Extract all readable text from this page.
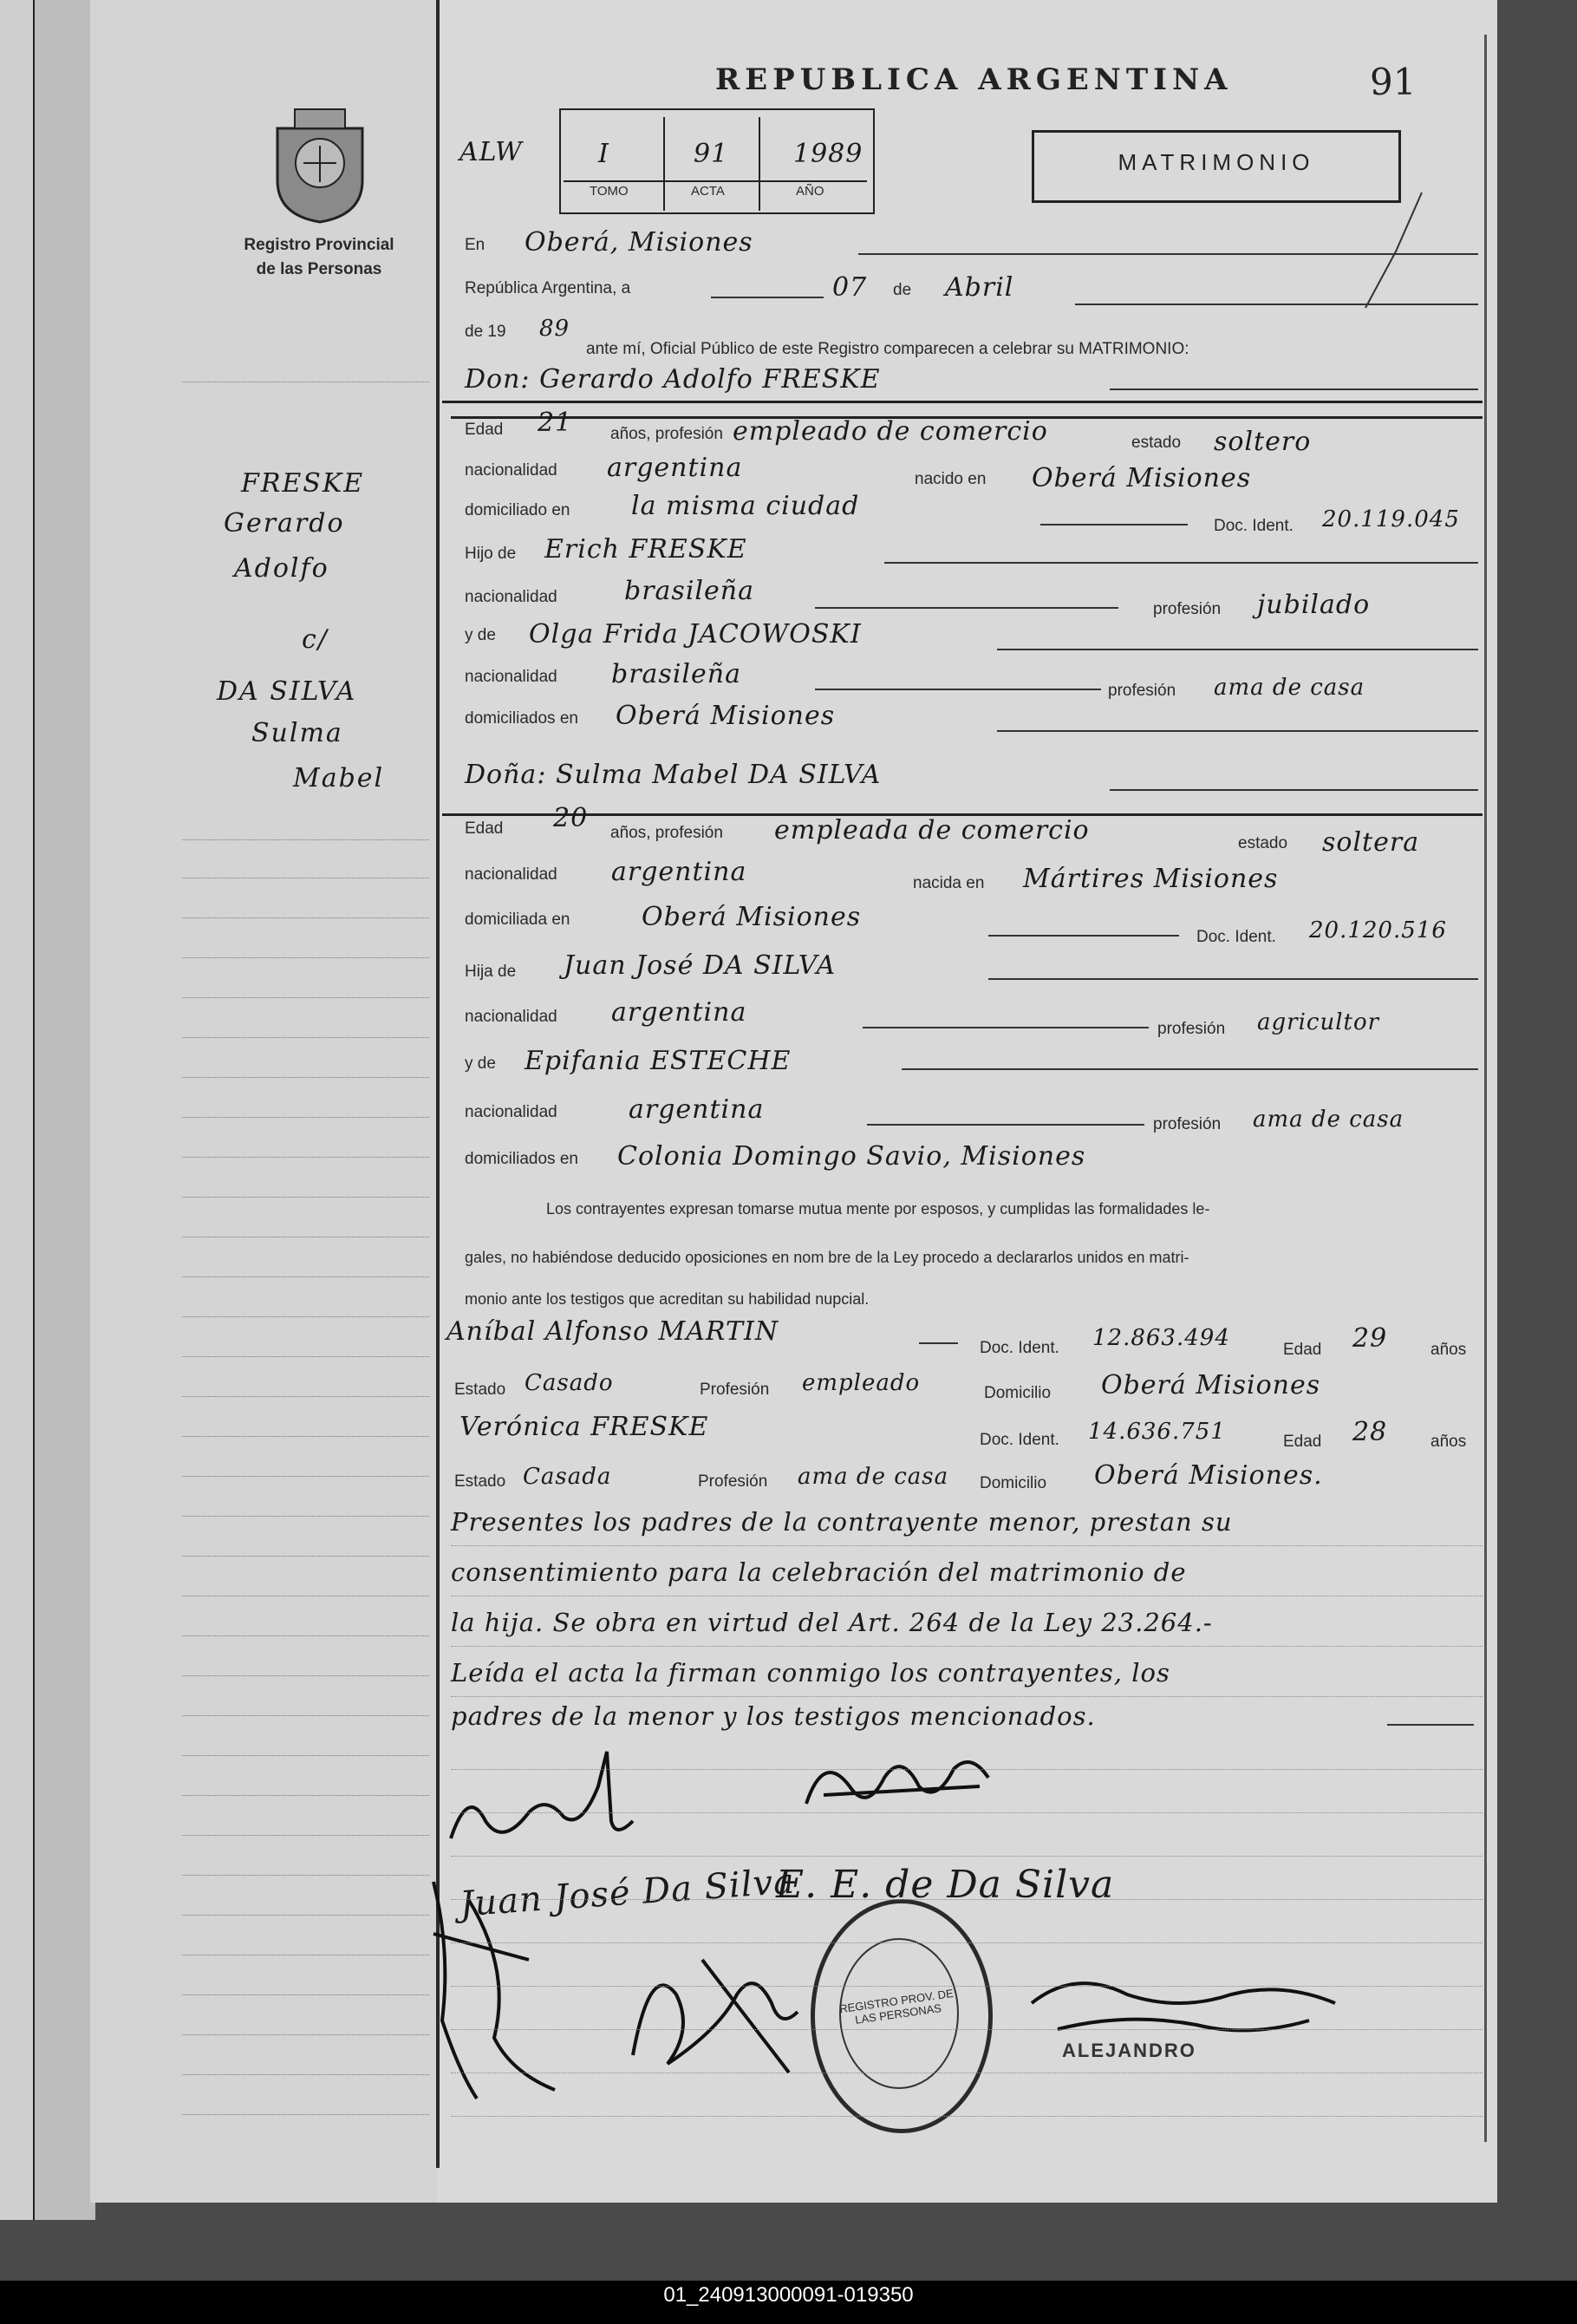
Registro Provincial
de las Personas
REPUBLICA ARGENTINA	91
ALW	I	91 1989
TOMO	ACTA	AÑO
MATRIMONIO
En Oberá, Misiones
República Argentina, a	07 de Abril
de 19 89
ante mí, Oficial Público de este Registro comparecen a celebrar su MATRIMONIO:
Don: Gerardo Adolfo FRESKE
Edad 21 años, profesión empleado de comercio	estado soltero
nacionalidad argentina	nacido en Oberá Misiones
domiciliado en la misma ciudad
Doc. Ident. 20.119.045
Hijo de Erich FRESKE
nacionalidad	brasileña
profesión jubilado
y de Olga Frida JACOWOSKI
nacionalidad brasileña
profesión ama de casa
domiciliados en Oberá Misiones
Doña: Sulma Mabel DA SILVA
Edad 20 años, profesión empleada de comercio	estado soltera
nacionalidad argentina	nacida en Mártires Misiones
domiciliada en	Oberá Misiones
Doc. Ident. 20.120.516
Hija de Juan José DA SILVA
nacionalidad argentina
profesión agricultor
y de Epifania ESTECHE
nacionalidad	argentina	profesión ama de casa
domiciliados en Colonia Domingo Savio, Misiones
Los contrayentes expresan tomarse mutua mente por esposos, y cumplidas las formalidades le-
gales, no habiéndose deducido oposiciones en nom bre de la Ley procedo a declararlos unidos en matri-
monio ante los testigos que acreditan su habilidad nupcial.
Aníbal Alfonso MARTIN
Doc. Ident. 12.863.494	Edad 29	años
Estado Casado	Profesión empleado	Domicilio Oberá Misiones
Verónica FRESKE	Doc. Ident. 14.636.751	Edad 28	años
Estado Casada	Profesión ama de casa Domicilio Oberá Misiones.
Presentes los padres de la contrayente menor, prestan su
consentimiento para la celebración del matrimonio de
la hija. Se obra en virtud del Art. 264 de la Ley 23.264.-
Leída el acta la firman conmigo los contrayentes, los
padres de la menor y los testigos mencionados.
FRESKE
Gerardo
Adolfo
c/
DA SILVA
Sulma
Mabel
Juan José Da Silva
E. E. de Da Silva
ALEJANDRO
REGISTRO PROV. DE LAS PERSONAS
01_240913000091-019350
